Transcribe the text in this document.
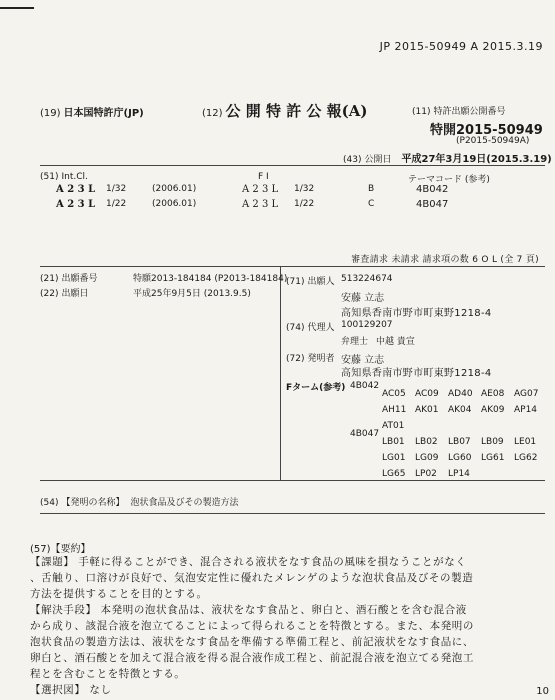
JP 2015-50949 A 2015.3.19
(19) 日本国特許庁(JP)	(12) 公 開 特 許 公 報(A)	(11) 特許出願公開番号
特開2015-50949
(P2015-50949A)
(43) 公開日 平成27年3月19日(2015.3.19)
(51) Int.Cl.	F I	テーマコード (参考)
A 2 3 L 1/32	(2006.01)	A 2 3 L 1/32	B	4B042
A 2 3 L 1/22	(2006.01)	A 2 3 L 1/22	C	4B047
審査請求 未請求 請求項の数 6 O L (全 7 頁)
(21) 出願番号	特願2013-184184 (P2013-184184)
(22) 出願日	平成25年9月5日 (2013.9.5)
(71) 出願人 513224674
安藤 立志
高知県香南市野市町東野1218-4
(74) 代理人 100129207
弁理士 中越 貴宣
(72) 発明者 安藤 立志
高知県香南市野市町東野1218-4
Fターム(参考) 4B042
AC05 AC09 AD40 AE08 AG07
AH11 AK01 AK04 AK09 AP14
AT01
4B047
LB01 LB02 LB07 LB09 LE01
LG01 LG09 LG60 LG61 LG62
LG65 LP02 LP14
(54) 【発明の名称】 泡状食品及びその製造方法
(57)【要約】
【課題】 手軽に得ることができ、混合される液状をなす食品の風味を損なうことがなく
、舌触り、口溶けが良好で、気泡安定性に優れたメレンゲのような泡状食品及びその製造
方法を提供することを目的とする。
【解決手段】 本発明の泡状食品は、液状をなす食品と、卵白と、酒石酸とを含む混合液
から成り、該混合液を泡立てることによって得られることを特徴とする。また、本発明の
泡状食品の製造方法は、液状をなす食品を準備する準備工程と、前記液状をなす食品に、
卵白と、酒石酸とを加えて混合液を得る混合液作成工程と、前記混合液を泡立てる発泡工
程とを含むことを特徴とする。
【選択図】 なし	10
